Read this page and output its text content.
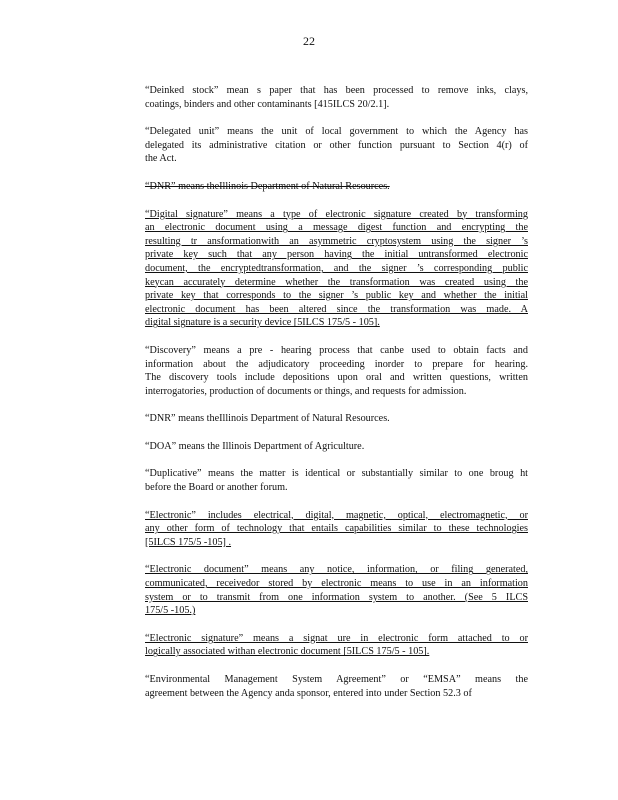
22
“Deinked stock” mean s paper that has been processed to remove inks, clays,
coatings, binders and other contaminants [415ILCS 20/2.1].
“Delegated unit” means the unit of local government to which the Agency has
delegated its administrative citation or other function pursuant to Section 4(r) of
the Act.
“DNR” means theIllinois Department of Natural Resources.
“Digital signature” means a type of electronic signature created by transforming
an electronic document using a message digest function and encrypting the
resulting tr ansformationwith an asymmetric cryptosystem using the signer ’s
private key such that any person having the initial untransformed electronic
document, the encryptedtransformation, and the signer ’s corresponding public
keycan accurately determine whether the transformation was created using the
private key that corresponds to the signer ’s public key and whether the initial
electronic document has been altered since the transformation was made. A
digital signature is a security device [5ILCS 175/5 - 105].
“Discovery” means a pre - hearing process that canbe used to obtain facts and
information about the adjudicatory proceeding inorder to prepare for hearing.
The discovery tools include depositions upon oral and written questions, written
interrogatories, production of documents or things, and requests for admission.
“DNR” means theIllinois Department of Natural Resources.
“DOA” means the Illinois Department of Agriculture.
“Duplicative” means the matter is identical or substantially similar to one broug ht
before the Board or another forum.
“Electronic” includes electrical, digital, magnetic, optical, electromagnetic, or
any other form of technology that entails capabilities similar to these technologies
[5ILCS 175/5 -105] .
“Electronic document” means any notice, information, or filing generated,
communicated, receivedor stored by electronic means to use in an information
system or to transmit from one information system to another. (See 5 ILCS
175/5 -105.)
“Electronic signature” means a signat ure in electronic form attached to or
logically associated withan electronic document [5ILCS 175/5 - 105].
“Environmental Management System Agreement” or “EMSA” means the
agreement between the Agency anda sponsor, entered into under Section 52.3 of
